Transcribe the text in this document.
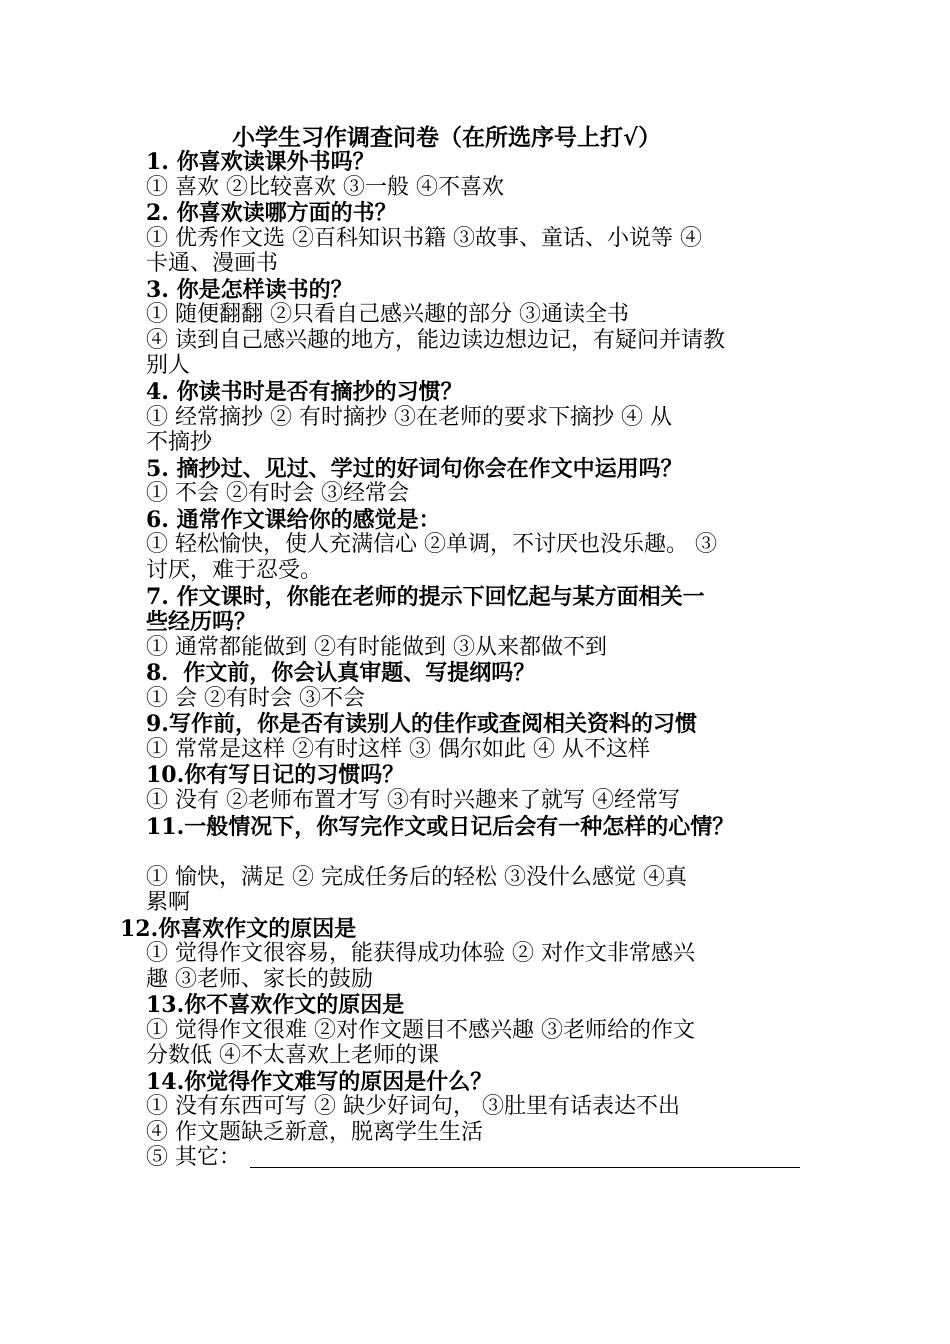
小学生习作调查问卷（在所选序号上打√）
1. 你喜欢读课外书吗？
① 喜欢 ②比较喜欢 ③一般 ④不喜欢
2. 你喜欢读哪方面的书？
① 优秀作文选 ②百科知识书籍 ③故事、童话、小说等 ④
卡通、漫画书
3. 你是怎样读书的？
① 随便翻翻 ②只看自己感兴趣的部分 ③通读全书
④ 读到自己感兴趣的地方，能边读边想边记，有疑问并请教
别人
4. 你读书时是否有摘抄的习惯？
① 经常摘抄 ② 有时摘抄 ③在老师的要求下摘抄 ④ 从
不摘抄
5. 摘抄过、见过、学过的好词句你会在作文中运用吗？
① 不会 ②有时会 ③经常会
6. 通常作文课给你的感觉是：
① 轻松愉快，使人充满信心 ②单调，不讨厌也没乐趣。 ③
讨厌，难于忍受。
7. 作文课时，你能在老师的提示下回忆起与某方面相关一
些经历吗？
① 通常都能做到 ②有时能做到 ③从来都做不到
8．作文前，你会认真审题、写提纲吗？
① 会 ②有时会 ③不会
9.写作前，你是否有读别人的佳作或查阅相关资料的习惯
① 常常是这样 ②有时这样 ③ 偶尔如此 ④ 从不这样
10.你有写日记的习惯吗？
① 没有 ②老师布置才写 ③有时兴趣来了就写 ④经常写
11.一般情况下，你写完作文或日记后会有一种怎样的心情？
① 愉快，满足 ② 完成任务后的轻松 ③没什么感觉 ④真
累啊
12.你喜欢作文的原因是
① 觉得作文很容易，能获得成功体验 ② 对作文非常感兴
趣 ③老师、家长的鼓励
13.你不喜欢作文的原因是
① 觉得作文很难 ②对作文题目不感兴趣 ③老师给的作文
分数低 ④不太喜欢上老师的课
14.你觉得作文难写的原因是什么？
① 没有东西可写 ② 缺少好词句， ③肚里有话表达不出
④ 作文题缺乏新意，脱离学生生活
⑤ 其它：
